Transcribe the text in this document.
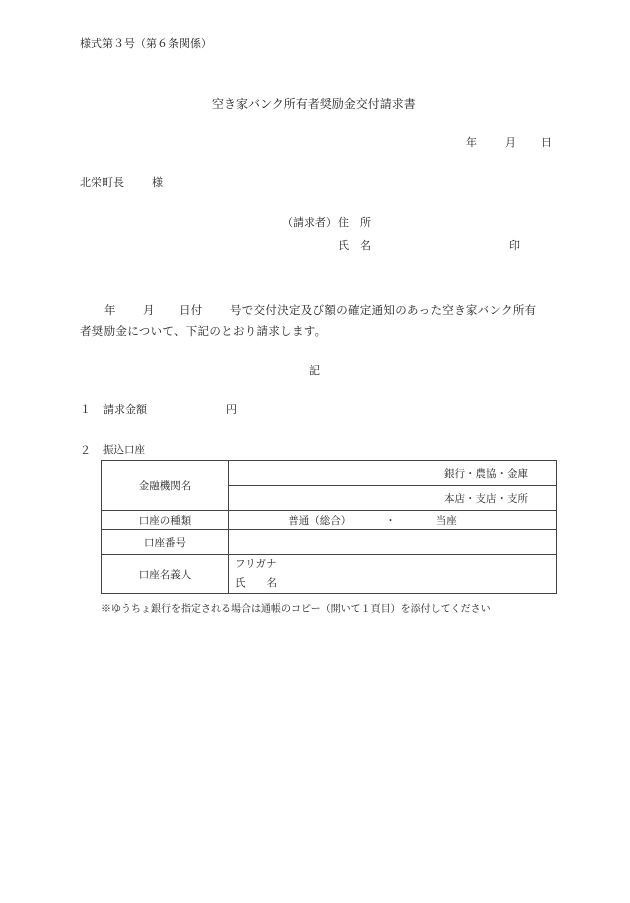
様式第３号（第６条関係）
空き家バンク所有者奨励金交付請求書
年	月 日
北栄町長	様
（請求者） 住　所
氏　名	印
年 月 日付 号で交付決定及び額の確定通知のあった空き家バンク所有
者奨励金について、下記のとおり請求します。
記
１ 請求金額	円
２ 振込口座
金融機関名	銀行・農協・金庫
	本店・支店・支所
口座の種類	普通（総合） ・ 当座

口座番号	
口座名義人	フリガナ
氏　　名
※ゆうちょ銀行を指定される場合は通帳のコピー（開いて１頁目）を添付してください
